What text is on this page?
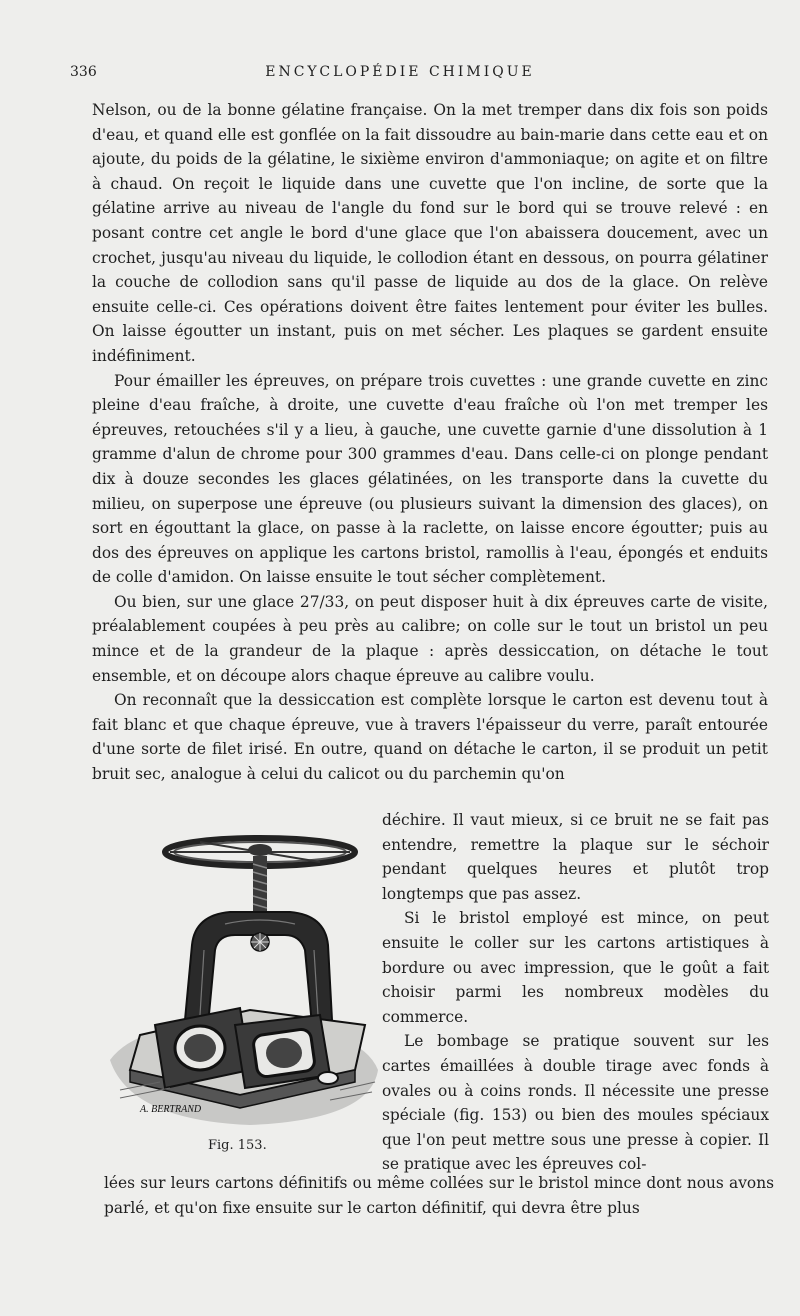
336	ENCYCLOPÉDIE CHIMIQUE

Nelson, ou de la bonne gélatine française. On la met tremper dans dix fois son poids d'eau, et quand elle est gonflée on la fait dissoudre au bain-marie dans cette eau et on ajoute, du poids de la gélatine, le sixième environ d'ammoniaque; on agite et on filtre à chaud. On reçoit le liquide dans une cuvette que l'on incline, de sorte que la gélatine arrive au niveau de l'angle du fond sur le bord qui se trouve relevé : en posant contre cet angle le bord d'une glace que l'on abaissera doucement, avec un crochet, jusqu'au niveau du liquide, le collodion étant en dessous, on pourra gélatiner la couche de collodion sans qu'il passe de liquide au dos de la glace. On relève ensuite celle-ci. Ces opérations doivent être faites lentement pour éviter les bulles. On laisse égoutter un instant, puis on met sécher. Les plaques se gardent ensuite indéfiniment.

Pour émailler les épreuves, on prépare trois cuvettes : une grande cuvette en zinc pleine d'eau fraîche, à droite, une cuvette d'eau fraîche où l'on met tremper les épreuves, retouchées s'il y a lieu, à gauche, une cuvette garnie d'une dissolution à 1 gramme d'alun de chrome pour 300 grammes d'eau. Dans celle-ci on plonge pendant dix à douze secondes les glaces gélatinées, on les transporte dans la cuvette du milieu, on superpose une épreuve (ou plusieurs suivant la dimension des glaces), on sort en égouttant la glace, on passe à la raclette, on laisse encore égoutter; puis au dos des épreuves on applique les cartons bristol, ramollis à l'eau, épongés et enduits de colle d'amidon. On laisse ensuite le tout sécher complètement.

Ou bien, sur une glace 27/33, on peut disposer huit à dix épreuves carte de visite, préalablement coupées à peu près au calibre; on colle sur le tout un bristol un peu mince et de la grandeur de la plaque : après dessiccation, on détache le tout ensemble, et on découpe alors chaque épreuve au calibre voulu.

On reconnaît que la dessiccation est complète lorsque le carton est devenu tout à fait blanc et que chaque épreuve, vue à travers l'épaisseur du verre, paraît entourée d'une sorte de filet irisé. En outre, quand on détache le carton, il se produit un petit bruit sec, analogue à celui du calicot ou du parchemin qu'on

A. BERTRAND
Fig. 153.

déchire. Il vaut mieux, si ce bruit ne se fait pas entendre, remettre la plaque sur le séchoir pendant quelques heures et plutôt trop longtemps que pas assez.

Si le bristol employé est mince, on peut ensuite le coller sur les cartons artistiques à bordure ou avec impression, que le goût a fait choisir parmi les nombreux modèles du commerce.

Le bombage se pratique souvent sur les cartes émaillées à double tirage avec fonds à ovales ou à coins ronds. Il nécessite une presse spéciale (fig. 153) ou bien des moules spéciaux que l'on peut mettre sous une presse à copier. Il se pratique avec les épreuves col-

lées sur leurs cartons définitifs ou même collées sur le bristol mince dont nous avons parlé, et qu'on fixe ensuite sur le carton définitif, qui devra être plus
